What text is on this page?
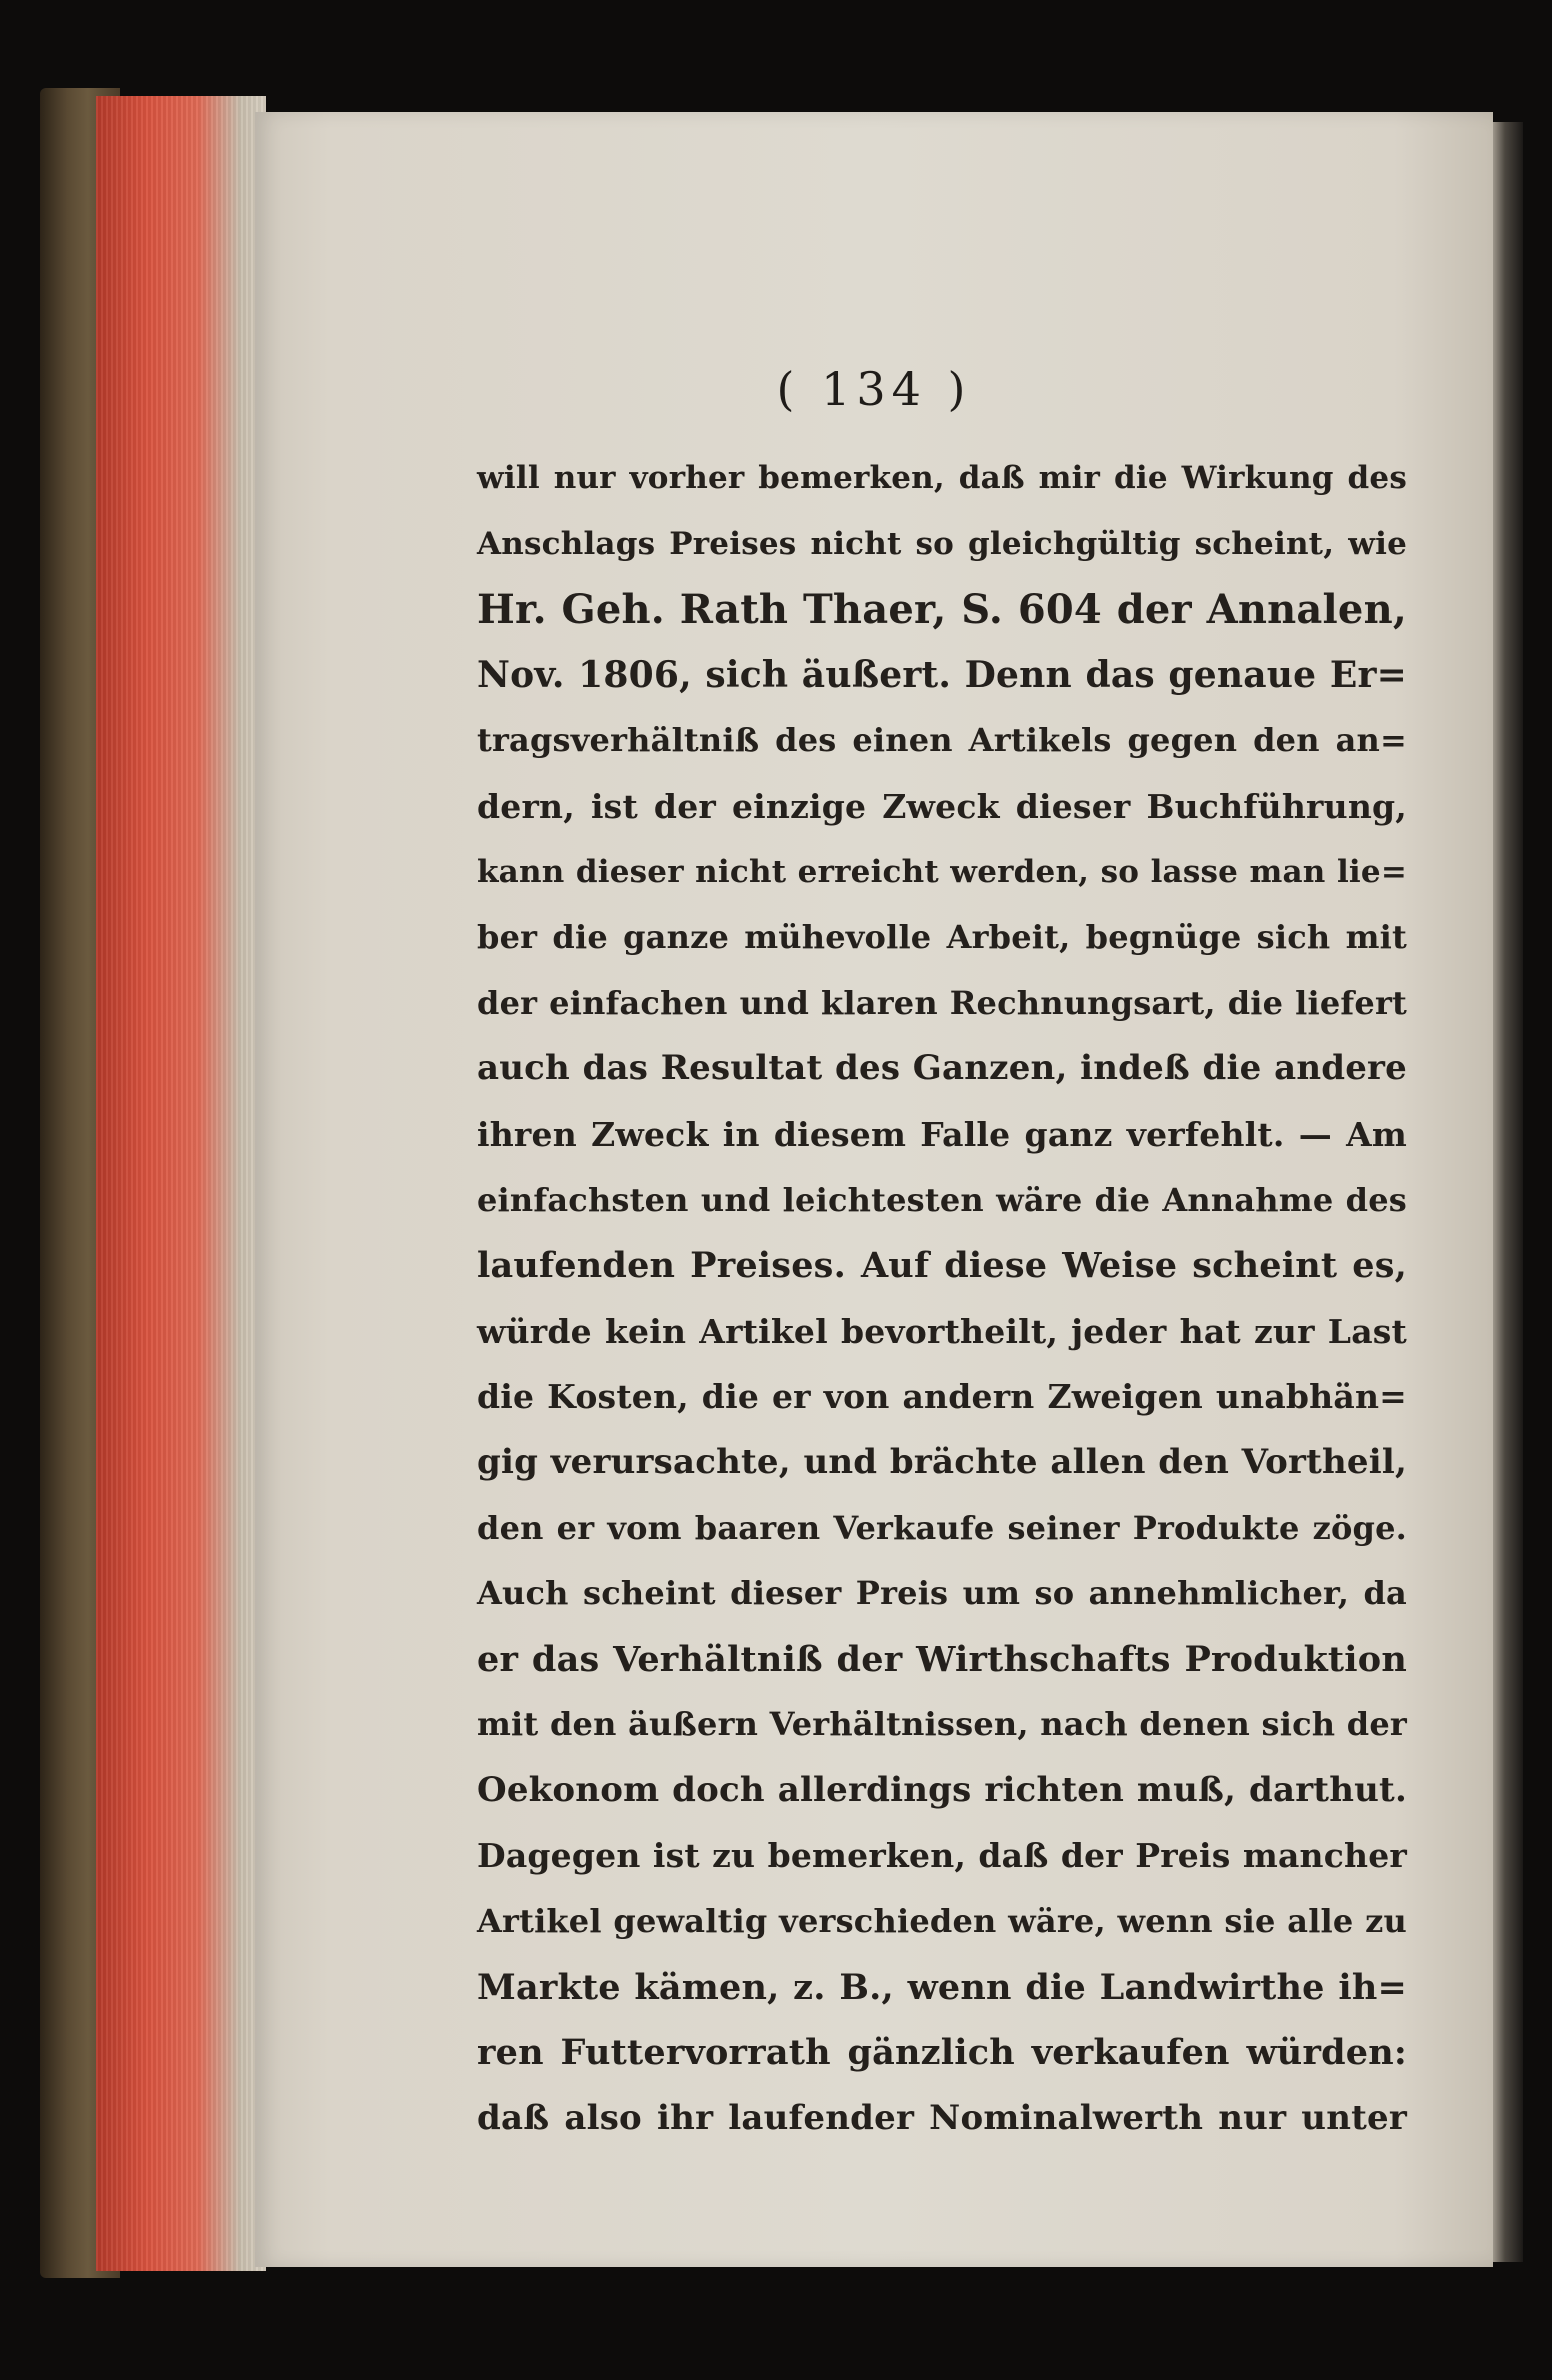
( 134 )
will nur vorher bemerken, daß mir die Wirkung des
Anschlags Preises nicht so gleichgültig scheint, wie
Hr. Geh. Rath Thaer, S. 604 der Annalen,
Nov. 1806, sich äußert. Denn das genaue Er=
tragsverhältniß des einen Artikels gegen den an=
dern, ist der einzige Zweck dieser Buchführung,
kann dieser nicht erreicht werden, so lasse man lie=
ber die ganze mühevolle Arbeit, begnüge sich mit
der einfachen und klaren Rechnungsart, die liefert
auch das Resultat des Ganzen, indeß die andere
ihren Zweck in diesem Falle ganz verfehlt. — Am
einfachsten und leichtesten wäre die Annahme des
laufenden Preises. Auf diese Weise scheint es,
würde kein Artikel bevortheilt, jeder hat zur Last
die Kosten, die er von andern Zweigen unabhän=
gig verursachte, und brächte allen den Vortheil,
den er vom baaren Verkaufe seiner Produkte zöge.
Auch scheint dieser Preis um so annehmlicher, da
er das Verhältniß der Wirthschafts Produktion
mit den äußern Verhältnissen, nach denen sich der
Oekonom doch allerdings richten muß, darthut.
Dagegen ist zu bemerken, daß der Preis mancher
Artikel gewaltig verschieden wäre, wenn sie alle zu
Markte kämen, z. B., wenn die Landwirthe ih=
ren Futtervorrath gänzlich verkaufen würden:
daß also ihr laufender Nominalwerth nur unter
